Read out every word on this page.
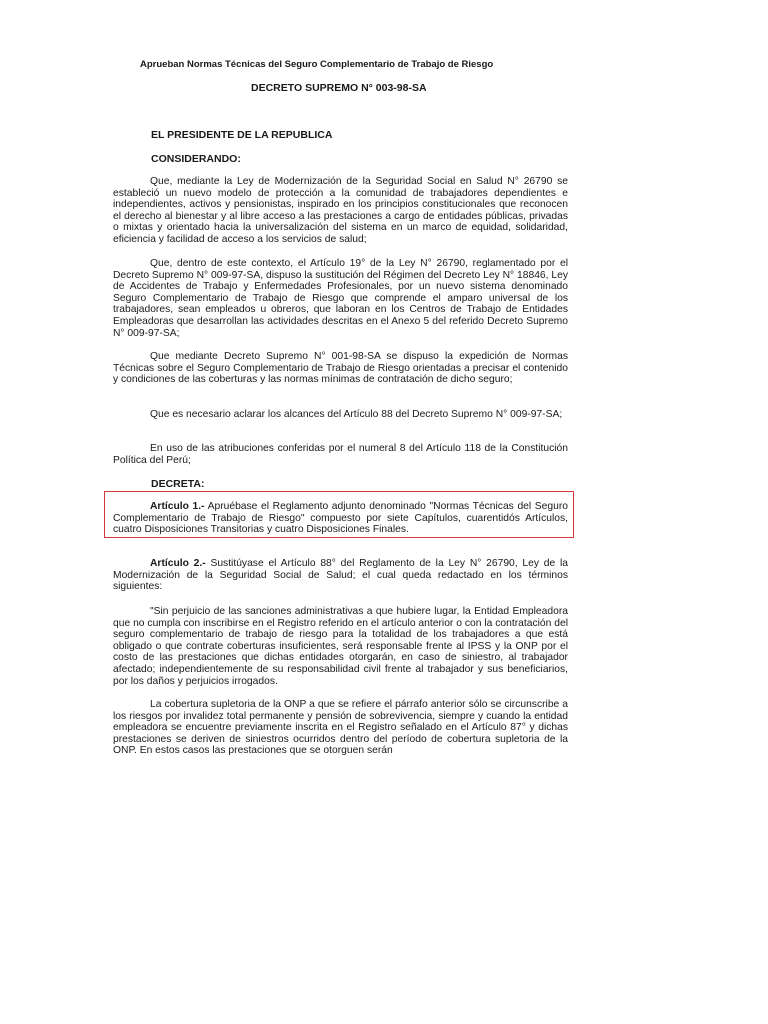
Aprueban Normas Técnicas del Seguro Complementario de Trabajo de Riesgo
DECRETO SUPREMO N° 003-98-SA
EL PRESIDENTE DE LA REPUBLICA
CONSIDERANDO:

Que, mediante la Ley de Modernización de la Seguridad Social en Salud N° 26790 se estableció un nuevo modelo de protección a la comunidad de trabajadores dependientes e independientes, activos y pensionistas, inspirado en los principios constitucionales que reconocen el derecho al bienestar y al libre acceso a las prestaciones a cargo de entidades públicas, privadas o mixtas y orientado hacia la universalización del sistema en un marco de equidad, solidaridad, eficiencia y facilidad de acceso a los servicios de salud;

Que, dentro de este contexto, el Artículo 19° de la Ley N° 26790, reglamentado por el Decreto Supremo N° 009-97-SA, dispuso la sustitución del Régimen del Decreto Ley N° 18846, Ley de Accidentes de Trabajo y Enfermedades Profesionales, por un nuevo sistema denominado Seguro Complementario de Trabajo de Riesgo que comprende el amparo universal de los trabajadores, sean empleados u obreros, que laboran en los Centros de Trabajo de Entidades Empleadoras que desarrollan las actividades descritas en el Anexo 5 del referido Decreto Supremo N° 009-97-SA;

Que mediante Decreto Supremo N° 001-98-SA se dispuso la expedición de Normas Técnicas sobre el Seguro Complementario de Trabajo de Riesgo orientadas a precisar el contenido y condiciones de las coberturas y las normas mínimas de contratación de dicho seguro;

Que es necesario aclarar los alcances del Artículo 88 del Decreto Supremo N° 009-97-SA;

En uso de las atribuciones conferidas por el numeral 8 del Artículo 118 de la Constitución Política del Perú;

DECRETA:

Artículo 1.- Apruébase el Reglamento adjunto denominado "Normas Técnicas del Seguro Complementario de Trabajo de Riesgo" compuesto por siete Capítulos, cuarentidós Artículos, cuatro Disposiciones Transitorias y cuatro Disposiciones Finales.

Artículo 2.- Sustitúyase el Artículo 88° del Reglamento de la Ley N° 26790, Ley de la Modernización de la Seguridad Social de Salud; el cual queda redactado en los términos siguientes:

"Sin perjuicio de las sanciones administrativas a que hubiere lugar, la Entidad Empleadora que no cumpla con inscribirse en el Registro referido en el artículo anterior o con la contratación del seguro complementario de trabajo de riesgo para la totalidad de los trabajadores a que está obligado o que contrate coberturas insuficientes, será responsable frente al IPSS y la ONP por el costo de las prestaciones que dichas entidades otorgarán, en caso de siniestro, al trabajador afectado; independientemente de su responsabilidad civil frente al trabajador y sus beneficiarios, por los daños y perjuicios irrogados.

La cobertura supletoria de la ONP a que se refiere el párrafo anterior sólo se circunscribe a los riesgos por invalidez total permanente y pensión de sobrevivencia, siempre y cuando la entidad empleadora se encuentre previamente inscrita en el Registro señalado en el Artículo 87° y dichas prestaciones se deriven de siniestros ocurridos dentro del período de cobertura supletoria de la ONP. En estos casos las prestaciones que se otorguen serán
